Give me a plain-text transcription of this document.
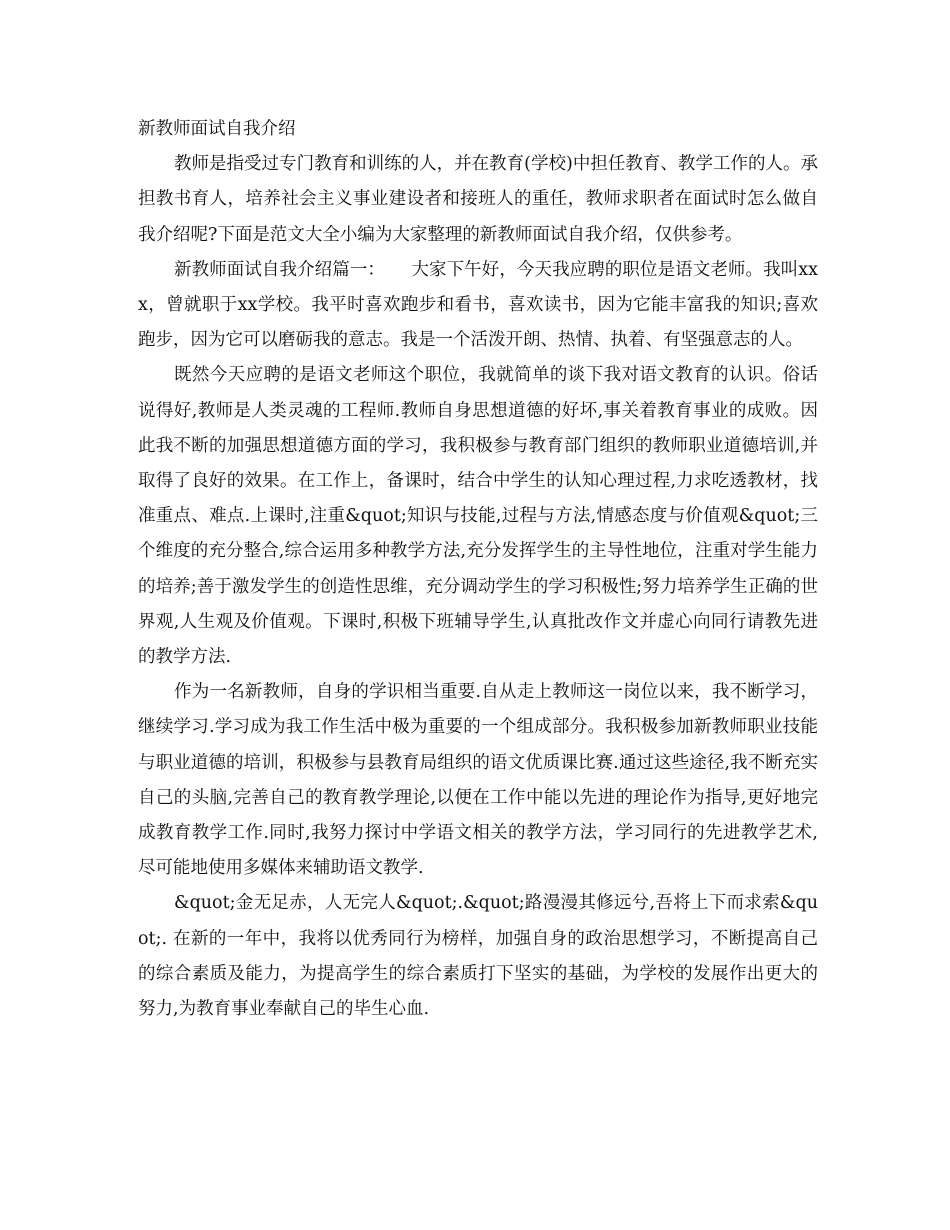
新教师面试自我介绍

教师是指受过专门教育和训练的人，并在教育(学校)中担任教育、教学工作的人。承担教书育人，培养社会主义事业建设者和接班人的重任，教师求职者在面试时怎么做自我介绍呢?下面是范文大全小编为大家整理的新教师面试自我介绍，仅供参考。

新教师面试自我介绍篇一：　　大家下午好，今天我应聘的职位是语文老师。我叫xxx，曾就职于xx学校。我平时喜欢跑步和看书，喜欢读书，因为它能丰富我的知识;喜欢跑步，因为它可以磨砺我的意志。我是一个活泼开朗、热情、执着、有坚强意志的人。

既然今天应聘的是语文老师这个职位，我就简单的谈下我对语文教育的认识。俗话说得好,教师是人类灵魂的工程师.教师自身思想道德的好坏,事关着教育事业的成败。因此我不断的加强思想道德方面的学习，我积极参与教育部门组织的教师职业道德培训,并取得了良好的效果。在工作上，备课时，结合中学生的认知心理过程,力求吃透教材，找准重点、难点.上课时,注重&quot;知识与技能,过程与方法,情感态度与价值观&quot;三个维度的充分整合,综合运用多种教学方法,充分发挥学生的主导性地位，注重对学生能力的培养;善于激发学生的创造性思维，充分调动学生的学习积极性;努力培养学生正确的世界观,人生观及价值观。下课时,积极下班辅导学生,认真批改作文并虚心向同行请教先进的教学方法.

作为一名新教师，自身的学识相当重要.自从走上教师这一岗位以来，我不断学习，继续学习.学习成为我工作生活中极为重要的一个组成部分。我积极参加新教师职业技能与职业道德的培训，积极参与县教育局组织的语文优质课比赛.通过这些途径,我不断充实自己的头脑,完善自己的教育教学理论,以便在工作中能以先进的理论作为指导,更好地完成教育教学工作.同时,我努力探讨中学语文相关的教学方法，学习同行的先进教学艺术,尽可能地使用多媒体来辅助语文教学.

&quot;金无足赤，人无完人&quot;.&quot;路漫漫其修远兮,吾将上下而求索&quot;. 在新的一年中，我将以优秀同行为榜样，加强自身的政治思想学习，不断提高自己的综合素质及能力，为提高学生的综合素质打下坚实的基础，为学校的发展作出更大的努力,为教育事业奉献自己的毕生心血.
